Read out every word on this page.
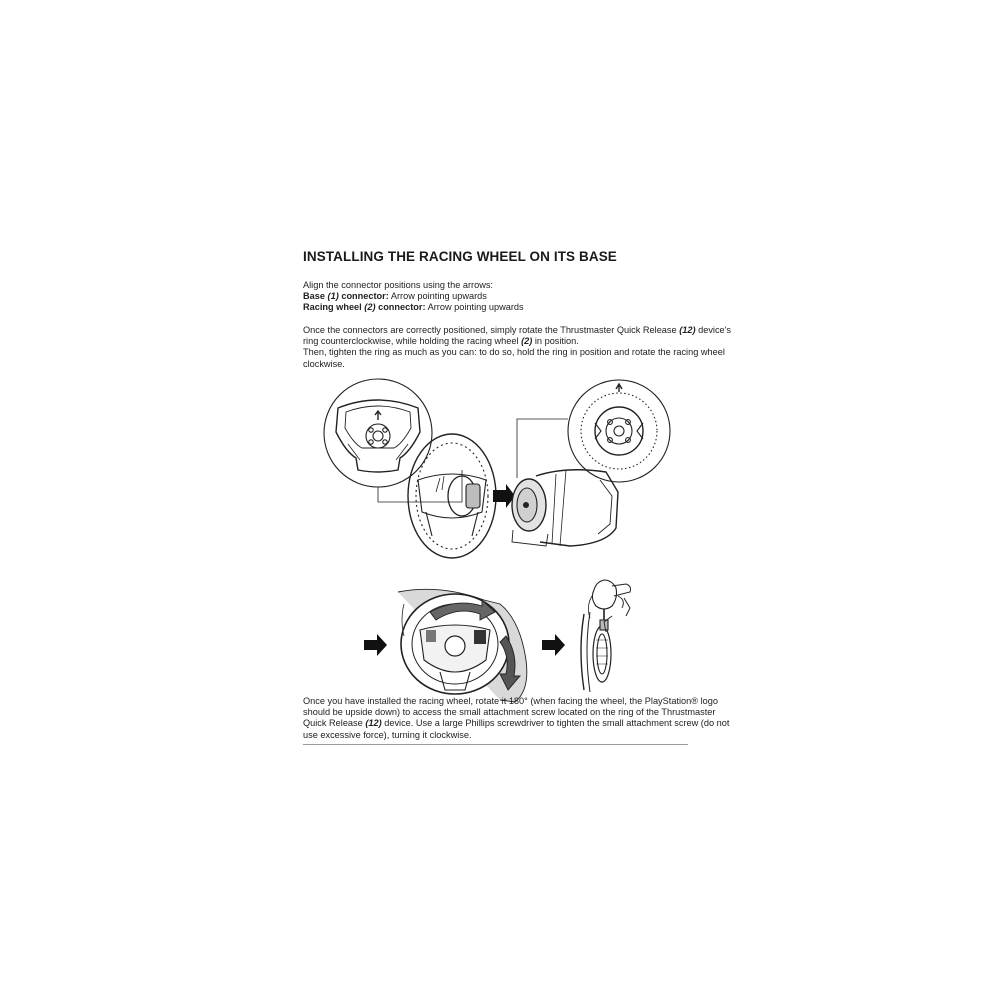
INSTALLING THE RACING WHEEL ON ITS BASE
Align the connector positions using the arrows:
Base (1) connector: Arrow pointing upwards
Racing wheel (2) connector: Arrow pointing upwards
Once the connectors are correctly positioned, simply rotate the Thrustmaster Quick Release (12) device's
ring counterclockwise, while holding the racing wheel (2) in position.
Then, tighten the ring as much as you can: to do so, hold the ring in position and rotate the racing wheel
clockwise.
Once you have installed the racing wheel, rotate it 180° (when facing the wheel, the PlayStation® logo
should be upside down) to access the small attachment screw located on the ring of the Thrustmaster
Quick Release (12) device. Use a large Phillips screwdriver to tighten the small attachment screw (do not
use excessive force), turning it clockwise.
